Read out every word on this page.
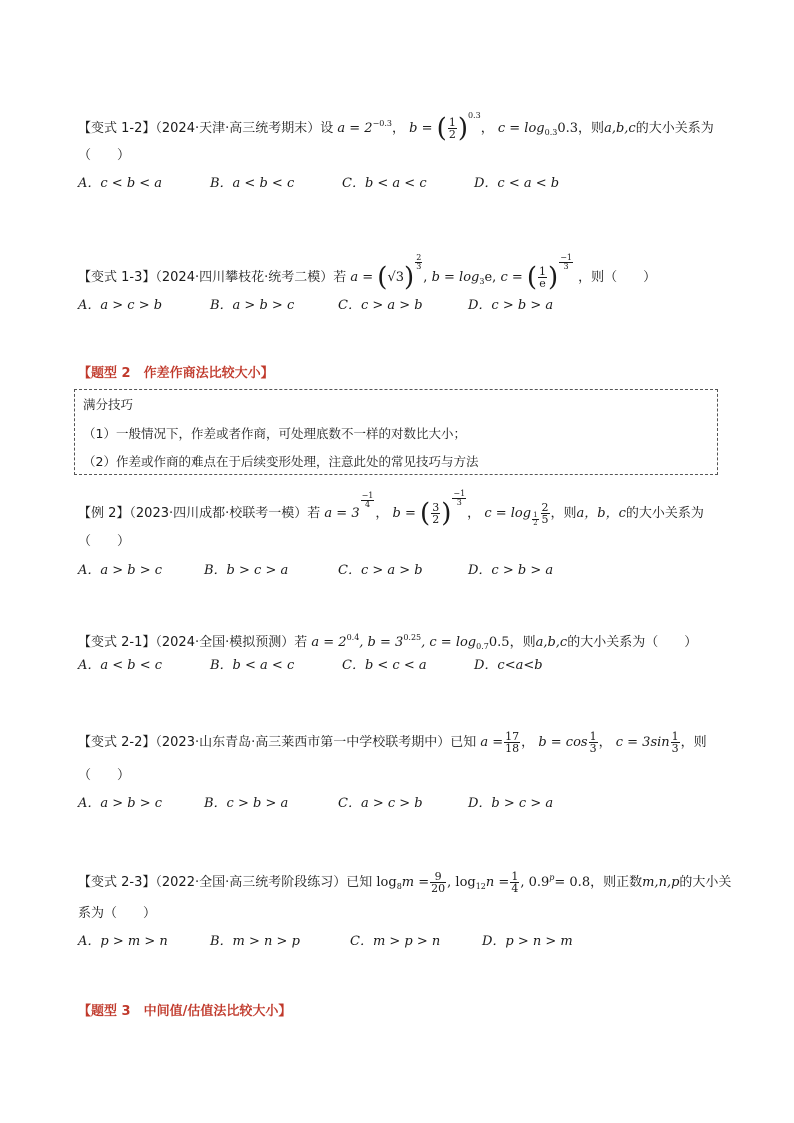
【变式 1-2】（2024·天津·高三统考期末）设 $a = 2^{-0.3}$， b = ( $\frac{1}{2} )^{0.3}$， $c = \log_{0.3}0.3$，则a,b,c的大小关系为
（　　）
A．c < b < a	B．a < b < c	C．b < a < c	D．c < a < b
【变式 1-3】（2024·四川攀枝花·统考二模）若 a = (√3) $^{\frac{2}{3}}$
, $b = \log_3e$, c = ( $\frac{1}{e}$ ) $^{\frac{-1}{3}}$
，则（　　）
A．a > c > b	B．a > b > c	C．c > a > b	D．c > b > a
【题型 2　作差作商法比较大小】
满分技巧
（1）一般情况下，作差或者作商，可处理底数不一样的对数比大小；
（2）作差或作商的难点在于后续变形处理，注意此处的常见技巧与方法
【例 2】（2023·四川成都·校联考一模）若 a = 3
$^{\frac{-1}{4}}$
， b = ( $\frac{3}{2}$ ) $^{\frac{-1}{3}}$
， $c = \log _{\frac{1}{2}} \frac{2}{5}$ ，则a，b，c的大小关系为
（　　）
A．a > b > c	B．b > c > a	C．c > a > b	D．c > b > a
【变式 2-1】（2024·全国·模拟预测）若 $a = 2^{0.4}$, $b = 3^{0.25}$, $c = \log_{0.7}0.5$，则a,b,c的大小关系为（　　）
A．a < b < c	B．b < a < c	C．b < c < a	D．c<a<b
【变式 2-2】（2023·山东青岛·高三莱西市第一中学校联考期中）已知 $a = \frac{17}{18}$ ， $b = \cos \frac{1}{3}$ ， $c = 3\sin \frac{1}{3}$ ，则
（　　）
A．a > b > c	B．c > b > a	C．a > c > b	D．b > c > a
【变式 2-3】（2022·全国·高三统考阶段练习）已知 $\log_8m = \frac{9}{20}$ , $\log_{12}n = \frac{1}{4}$ , $0.9^p= 0.8$，则正数m,n,p的大小关
系为（　　）
A．p > m > n	B．m > n > p	C．m > p > n	D．p > n > m
【题型 3　中间值/估值法比较大小】
